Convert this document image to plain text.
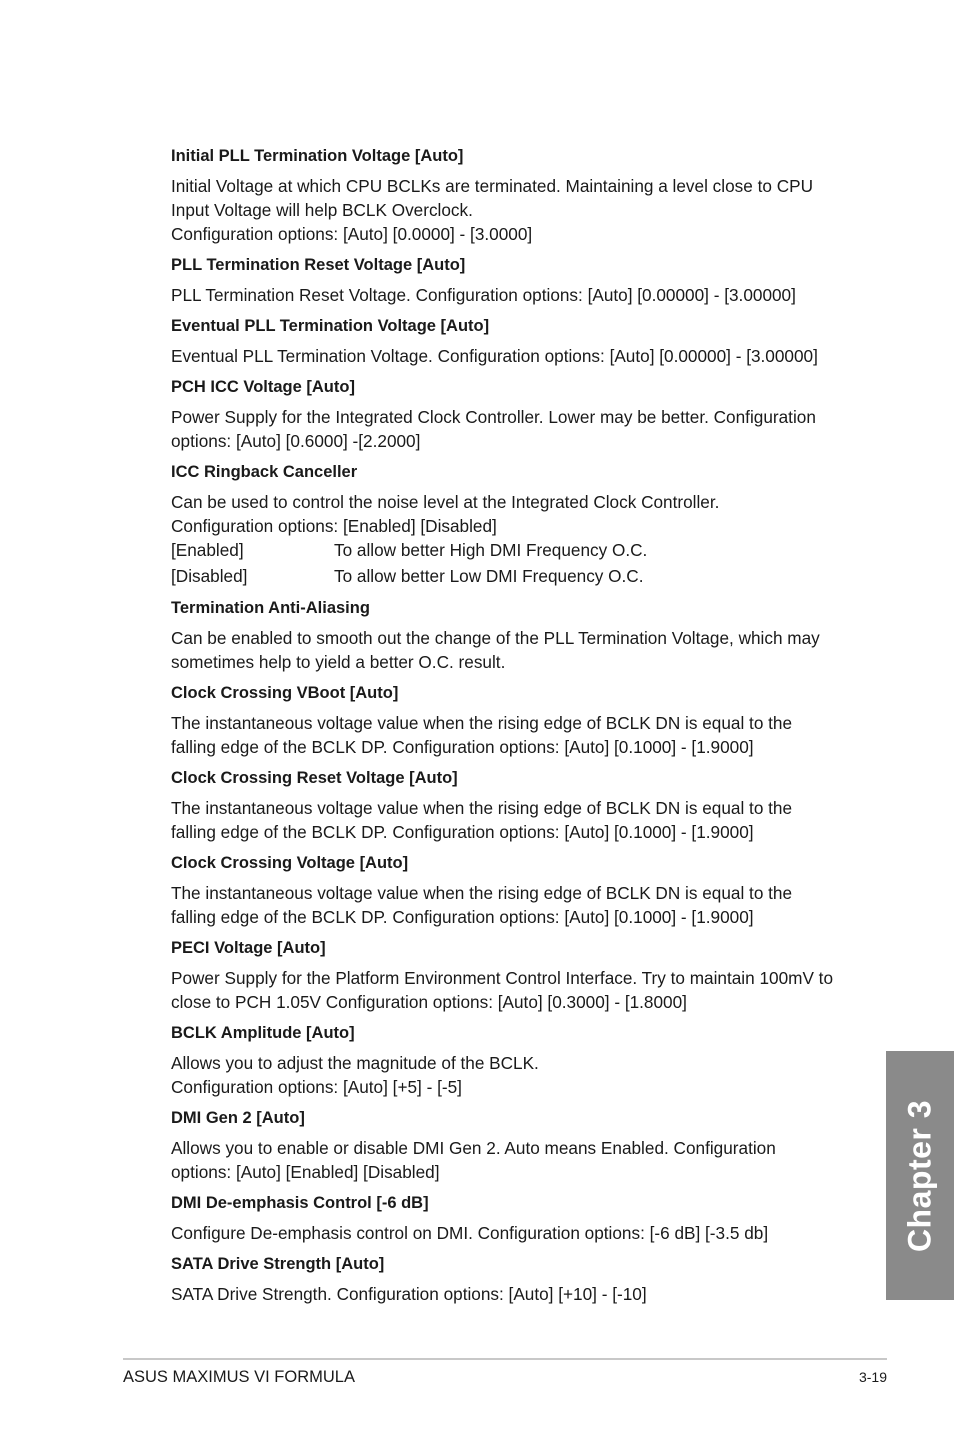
Initial PLL Termination Voltage [Auto]
Initial Voltage at which CPU BCLKs are terminated. Maintaining a level close to CPU
Input Voltage will help BCLK Overclock.
Configuration options: [Auto] [0.0000] - [3.0000]
PLL Termination Reset Voltage [Auto]
PLL Termination Reset Voltage. Configuration options: [Auto] [0.00000] - [3.00000]
Eventual PLL Termination Voltage [Auto]
Eventual PLL Termination Voltage. Configuration options: [Auto] [0.00000] - [3.00000]
PCH ICC Voltage [Auto]
Power Supply for the Integrated Clock Controller. Lower may be better. Configuration
options: [Auto] [0.6000] -[2.2000]
ICC Ringback Canceller
Can be used to control the noise level at the Integrated Clock Controller.
Configuration options: [Enabled] [Disabled]
[Enabled]	To allow better High DMI Frequency O.C.
[Disabled]	To allow better Low DMI Frequency O.C.
Termination Anti-Aliasing
Can be enabled to smooth out the change of the PLL Termination Voltage, which may
sometimes help to yield a better O.C. result.
Clock Crossing VBoot [Auto]
The instantaneous voltage value when the rising edge of BCLK DN is equal to the
falling edge of the BCLK DP. Configuration options: [Auto] [0.1000] - [1.9000]
Clock Crossing Reset Voltage [Auto]
The instantaneous voltage value when the rising edge of BCLK DN is equal to the
falling edge of the BCLK DP. Configuration options: [Auto] [0.1000] - [1.9000]
Clock Crossing Voltage [Auto]
The instantaneous voltage value when the rising edge of BCLK DN is equal to the
falling edge of the BCLK DP. Configuration options: [Auto] [0.1000] - [1.9000]
PECI Voltage [Auto]
Power Supply for the Platform Environment Control Interface. Try to maintain 100mV to
close to PCH 1.05V Configuration options: [Auto] [0.3000] - [1.8000]
BCLK Amplitude [Auto]
Allows you to adjust the magnitude of the BCLK.
Configuration options: [Auto] [+5] - [-5]
DMI Gen 2 [Auto]
Allows you to enable or disable DMI Gen 2. Auto means Enabled. Configuration
options: [Auto] [Enabled] [Disabled]
DMI De-emphasis Control [-6 dB]
Configure De-emphasis control on DMI. Configuration options: [-6 dB] [-3.5 db]
SATA Drive Strength [Auto]
SATA Drive Strength. Configuration options: [Auto] [+10] - [-10]
Chapter 3
ASUS MAXIMUS VI FORMULA	3-19
